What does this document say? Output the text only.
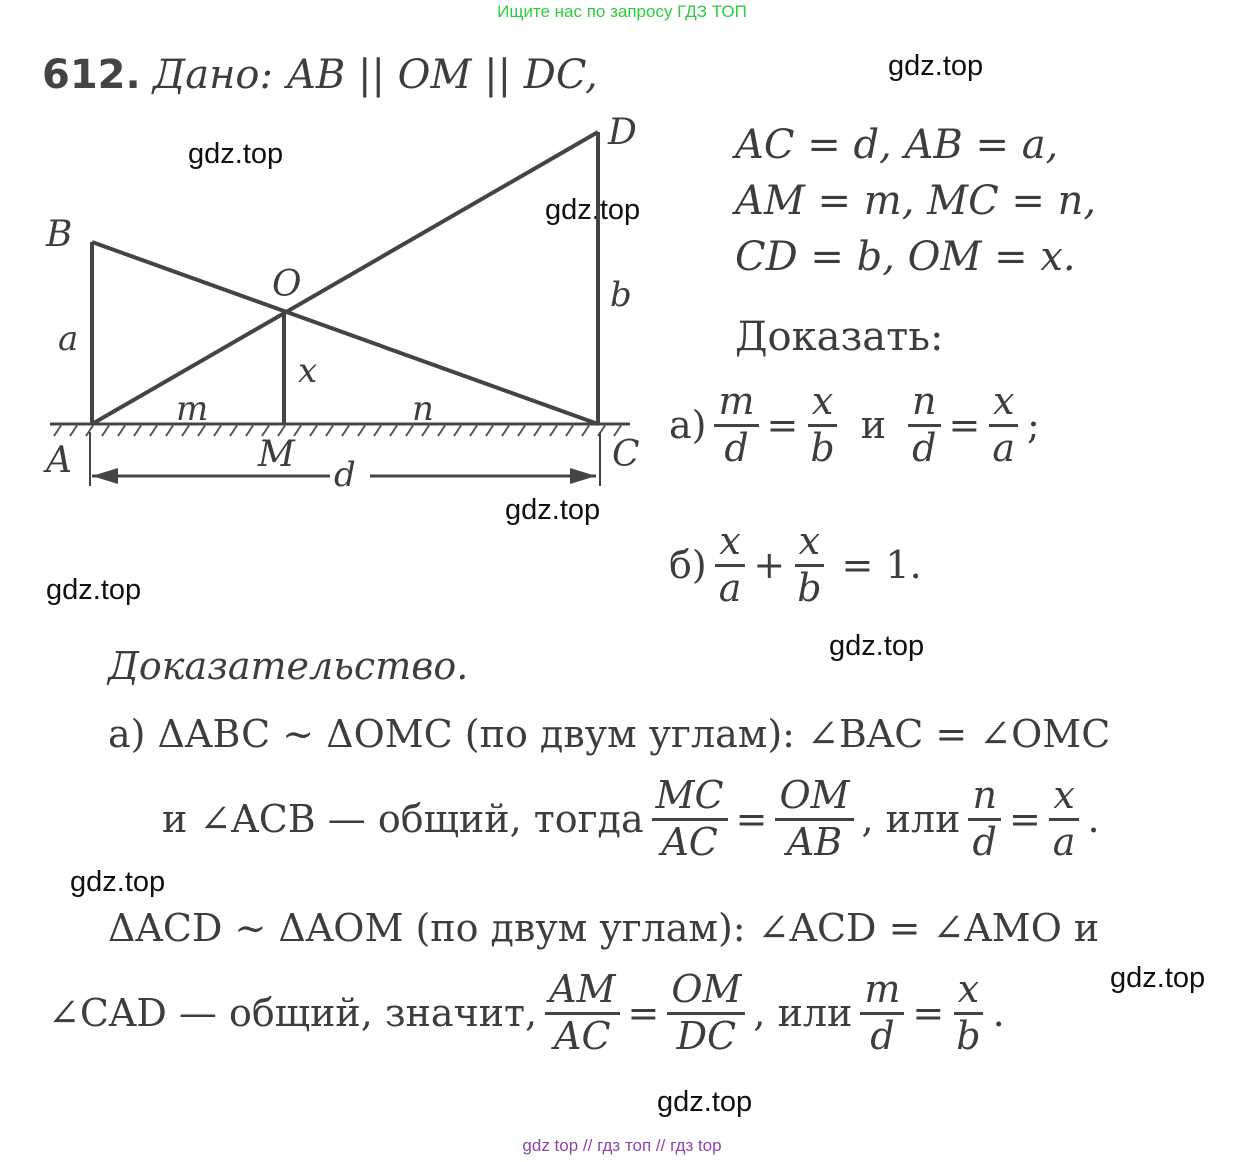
Ищите нас по запросу ГДЗ ТОП
gdz top // гдз топ // гдз top
gdz.top
gdz.top
gdz.top
gdz.top
gdz.top
gdz.top
gdz.top
gdz.top
gdz.top
612. Дано: AB || OM || DC,
AC = d, AB = a,
AM = m, MC = n,
CD = b, OM = x.
Доказать:
$а) \frac{m}{d} = \frac{x}{b}$ и $\frac{n}{d} = \frac{x}{a}$ ;
$б) \frac{x}{a} + \frac{x}{b} = 1$.
B
A
O
M	C
D
a
b
x
m	n
d
Доказательство.
а) ΔABC ~ ΔOMC (по двум углам): ∠BAC = ∠OMC
и ∠ACB — общий, тогда $\frac{MC}{AC} = \frac{OM}{AB}$ , или $\frac{n}{d} = \frac{x}{a}$ .
ΔACD ~ ΔAOM (по двум углам): ∠ACD = ∠AMO и
∠CAD — общий, значит, $\frac{AM}{AC} = \frac{OM}{DC}$ , или $\frac{m}{d} = \frac{x}{b}$ .
